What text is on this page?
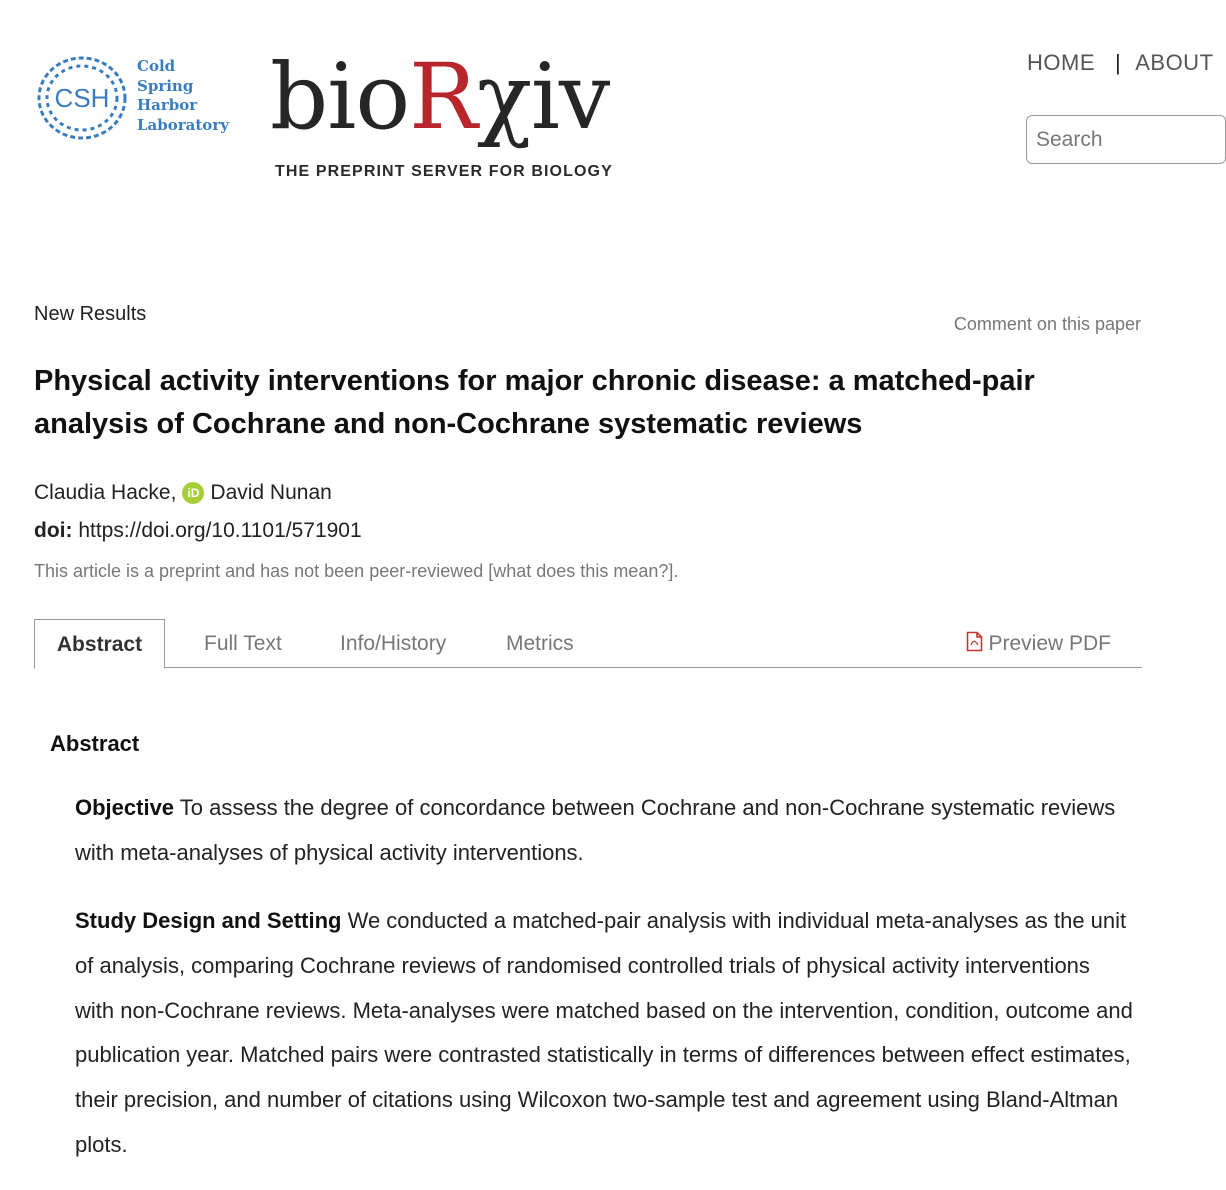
CSH
Cold
Spring
Harbor
Laboratory bioRχiv
THE PREPRINT SERVER FOR BIOLOGY
HOME | ABOUT
Search
New Results	Comment on this paper
Physical activity interventions for major chronic disease: a matched-pair analysis of Cochrane and non-Cochrane systematic reviews
Claudia Hacke, iD David Nunan
doi: https://doi.org/10.1101/571901
This article is a preprint and has not been peer-reviewed [what does this mean?].
Abstract	Full Text	Info/History	Metrics	Preview PDF
Abstract

Objective To assess the degree of concordance between Cochrane and non-Cochrane systematic reviews with meta-analyses of physical activity interventions.

Study Design and Setting We conducted a matched-pair analysis with individual meta-analyses as the unit of analysis, comparing Cochrane reviews of randomised controlled trials of physical activity interventions with non-Cochrane reviews. Meta-analyses were matched based on the intervention, condition, outcome and publication year. Matched pairs were contrasted statistically in terms of differences between effect estimates, their precision, and number of citations using Wilcoxon two-sample test and agreement using Bland-Altman plots.
